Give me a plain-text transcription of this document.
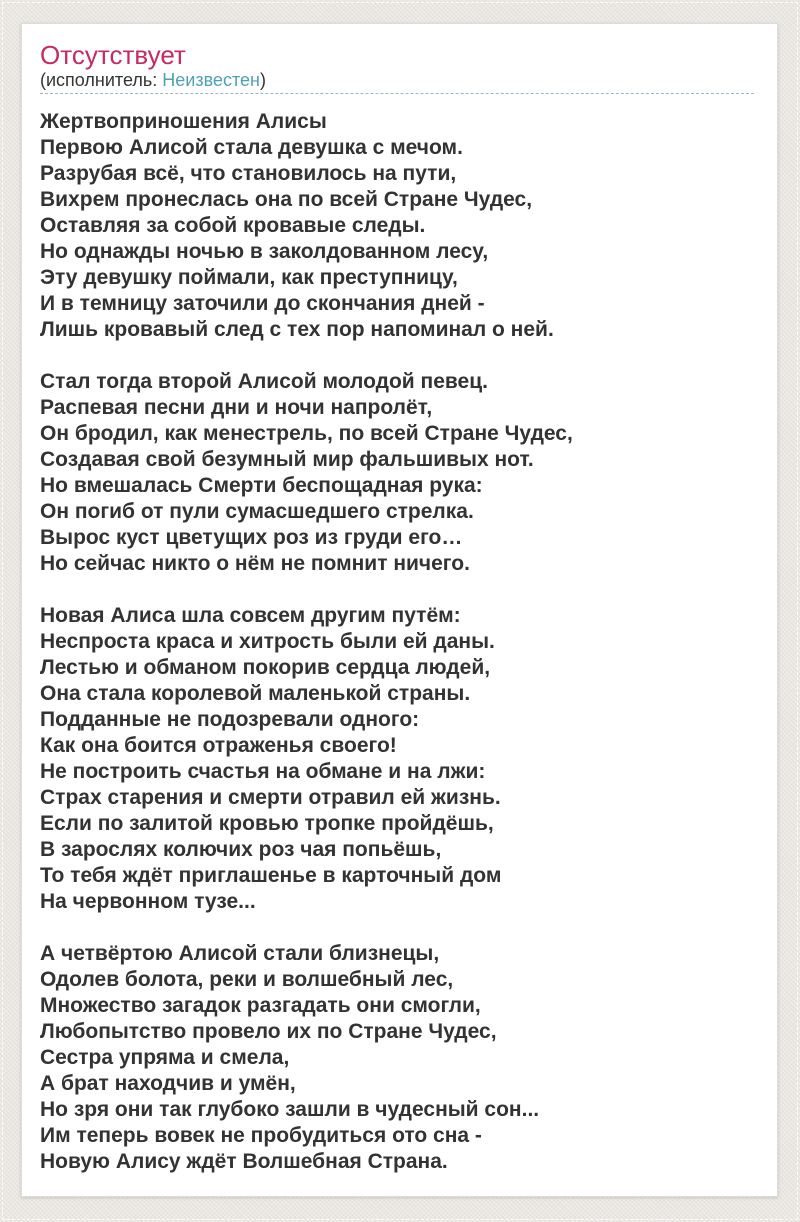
Отсутствует

(исполнитель: Неизвестен)

Жертвоприношения Алисы
Первою Алисой стала девушка с мечом.
Разрубая всё, что становилось на пути,
Вихрем пронеслась она по всей Стране Чудес,
Оставляя за собой кровавые следы.
Но однажды ночью в заколдованном лесу,
Эту девушку поймали, как преступницу,
И в темницу заточили до скончания дней -
Лишь кровавый след с тех пор напоминал о ней.

Стал тогда второй Алисой молодой певец.
Распевая песни дни и ночи напролёт,
Он бродил, как менестрель, по всей Стране Чудес,
Создавая свой безумный мир фальшивых нот.
Но вмешалась Смерти беспощадная рука:
Он погиб от пули сумасшедшего стрелка.
Вырос куст цветущих роз из груди его…
Но сейчас никто о нём не помнит ничего.

Новая Алиса шла совсем другим путём:
Неспроста краса и хитрость были ей даны.
Лестью и обманом покорив сердца людей,
Она стала королевой маленькой страны.
Подданные не подозревали одного:
Как она боится отраженья своего!
Не построить счастья на обмане и на лжи:
Страх старения и смерти отравил ей жизнь.
Если по залитой кровью тропке пройдёшь,
В зарослях колючих роз чая попьёшь,
То тебя ждёт приглашенье в карточный дом
На червонном тузе...

А четвёртою Алисой стали близнецы,
Одолев болота, реки и волшебный лес,
Множество загадок разгадать они смогли,
Любопытство провело их по Стране Чудес,
Сестра упряма и смела,
А брат находчив и умён,
Но зря они так глубоко зашли в чудесный сон...
Им теперь вовек не пробудиться ото сна -
Новую Алису ждёт Волшебная Страна.
